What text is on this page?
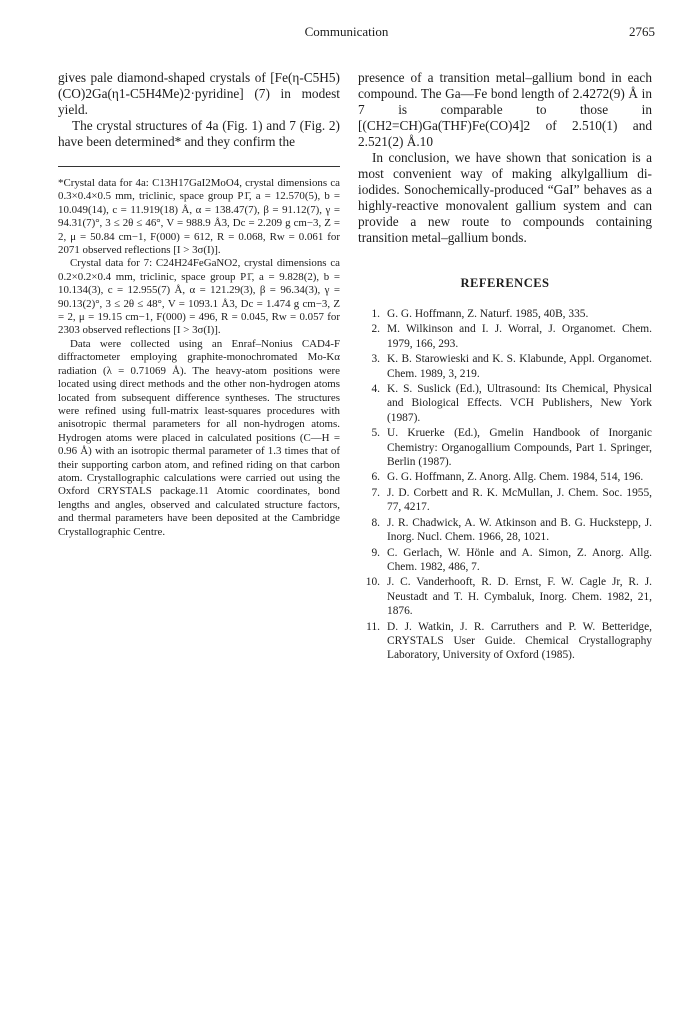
Communication	2765

gives pale diamond-shaped crystals of [Fe(η-C5H5)(CO)2Ga(η1-C5H4Me)2·pyridine] (7) in modest yield.

The crystal structures of 4a (Fig. 1) and 7 (Fig. 2) have been determined* and they confirm the

*Crystal data for 4a: C13H17GaI2MoO4, crystal dimensions ca 0.3×0.4×0.5 mm, triclinic, space group P1̄, a = 12.570(5), b = 10.049(14), c = 11.919(18) Å, α = 138.47(7), β = 91.12(7), γ = 94.31(7)°, 3 ≤ 2θ ≤ 46°, V = 988.9 Å3, Dc = 2.209 g cm−3, Z = 2, μ = 50.84 cm−1, F(000) = 612, R = 0.068, Rw = 0.061 for 2071 observed reflections [I > 3σ(I)].

Crystal data for 7: C24H24FeGaNO2, crystal dimensions ca 0.2×0.2×0.4 mm, triclinic, space group P1̄, a = 9.828(2), b = 10.134(3), c = 12.955(7) Å, α = 121.29(3), β = 96.34(3), γ = 90.13(2)°, 3 ≤ 2θ ≤ 48°, V = 1093.1 Å3, Dc = 1.474 g cm−3, Z = 2, μ = 19.15 cm−1, F(000) = 496, R = 0.045, Rw = 0.057 for 2303 observed reflections [I > 3σ(I)].

Data were collected using an Enraf–Nonius CAD4-F diffractometer employing graphite-monochromated Mo-Kα radiation (λ = 0.71069 Å). The heavy-atom positions were located using direct methods and the other non-hydrogen atoms located from subsequent difference syntheses. The structures were refined using full-matrix least-squares procedures with anisotropic thermal parameters for all non-hydrogen atoms. Hydrogen atoms were placed in calculated positions (C—H = 0.96 Å) with an isotropic thermal parameter of 1.3 times that of their supporting carbon atom, and refined riding on that carbon atom. Crystallographic calculations were carried out using the Oxford CRYSTALS package.11 Atomic coordinates, bond lengths and angles, observed and calculated structure factors, and thermal parameters have been deposited at the Cambridge Crystallographic Centre.

presence of a transition metal–gallium bond in each compound. The Ga—Fe bond length of 2.4272(9) Å in 7 is comparable to those in [(CH2=CH)Ga(THF)Fe(CO)4]2 of 2.510(1) and 2.521(2) Å.10

In conclusion, we have shown that sonication is a most convenient way of making alkylgallium di-iodides. Sonochemically-produced “GaI” behaves as a highly-reactive monovalent gallium system and can provide a new route to compounds containing transition metal–gallium bonds.

REFERENCES
1. G. G. Hoffmann, Z. Naturf. 1985, 40B, 335.
2. M. Wilkinson and I. J. Worral, J. Organomet. Chem. 1979, 166, 293.
3. K. B. Starowieski and K. S. Klabunde, Appl. Organomet. Chem. 1989, 3, 219.
4. K. S. Suslick (Ed.), Ultrasound: Its Chemical, Physical and Biological Effects. VCH Publishers, New York (1987).
5. U. Kruerke (Ed.), Gmelin Handbook of Inorganic Chemistry: Organogallium Compounds, Part 1. Springer, Berlin (1987).
6. G. G. Hoffmann, Z. Anorg. Allg. Chem. 1984, 514, 196.
7. J. D. Corbett and R. K. McMullan, J. Chem. Soc. 1955, 77, 4217.
8. J. R. Chadwick, A. W. Atkinson and B. G. Huckstepp, J. Inorg. Nucl. Chem. 1966, 28, 1021.
9. C. Gerlach, W. Hönle and A. Simon, Z. Anorg. Allg. Chem. 1982, 486, 7.
10. J. C. Vanderhooft, R. D. Ernst, F. W. Cagle Jr, R. J. Neustadt and T. H. Cymbaluk, Inorg. Chem. 1982, 21, 1876.
11. D. J. Watkin, J. R. Carruthers and P. W. Betteridge, CRYSTALS User Guide. Chemical Crystallography Laboratory, University of Oxford (1985).
